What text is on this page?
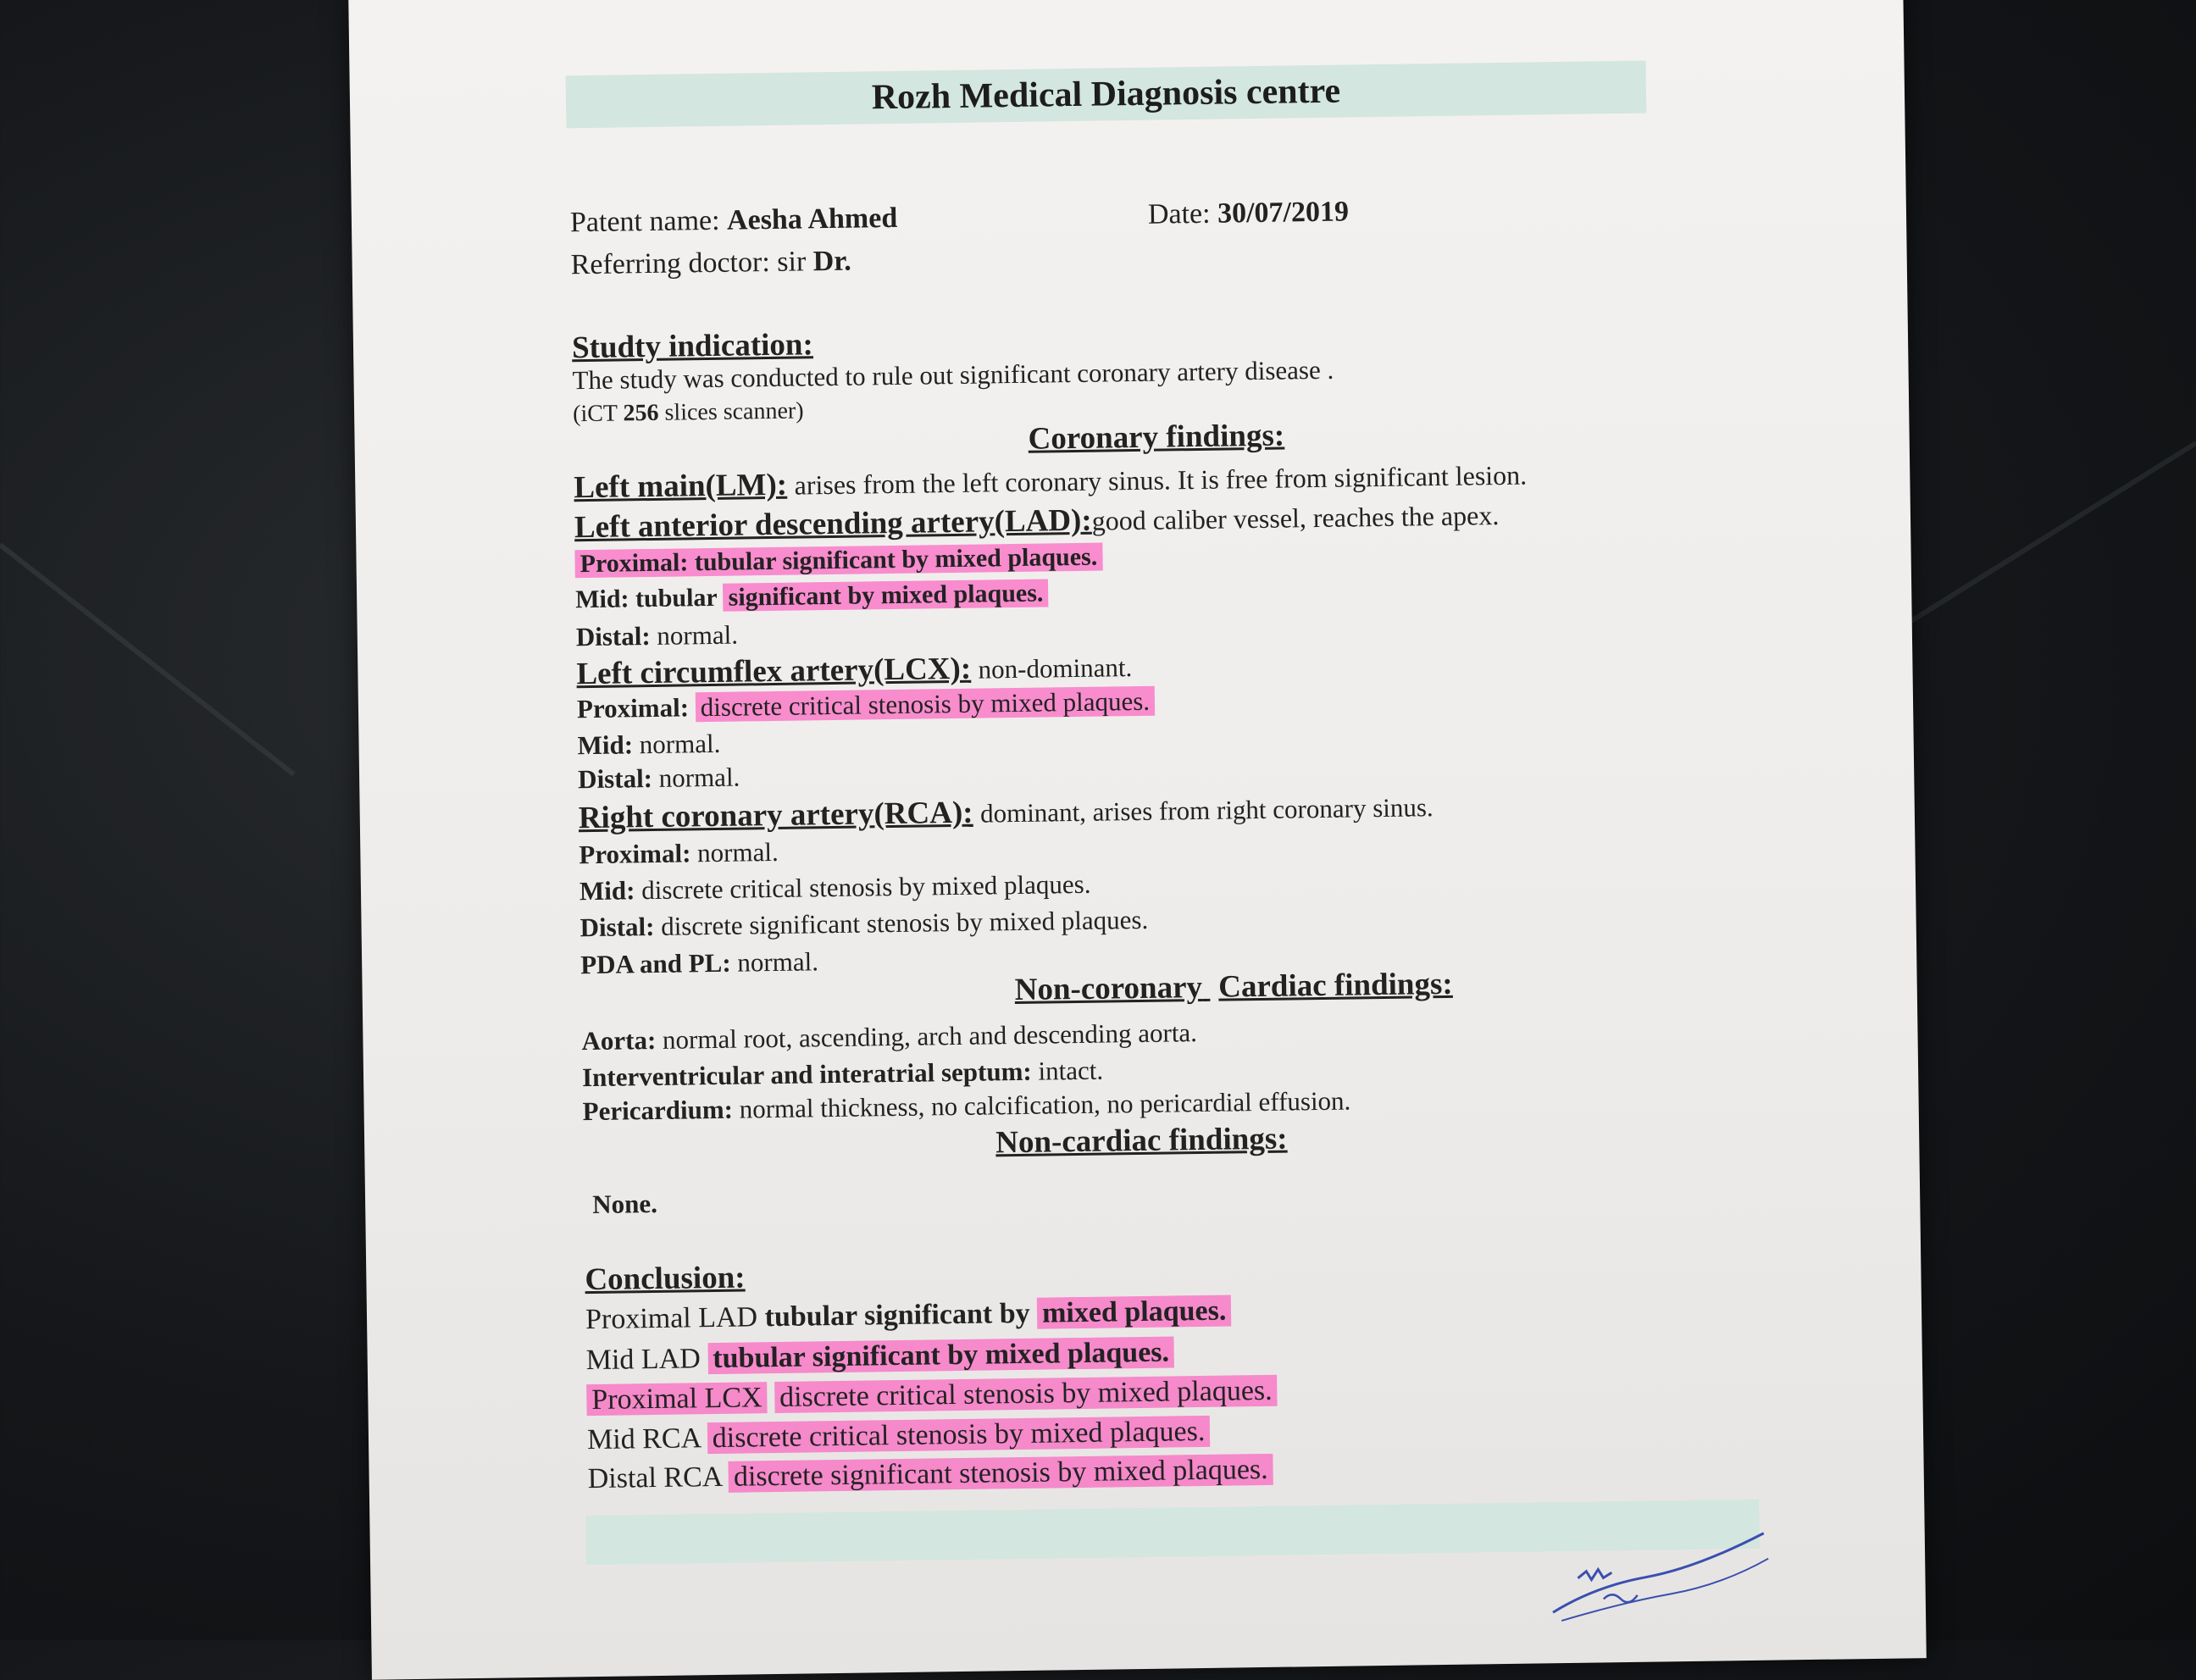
Rozh Medical Diagnosis centre
Patent name: Aesha Ahmed	Date: 30/07/2019
Referring doctor: sir Dr.
Studty indication:
The study was conducted to rule out significant coronary artery disease .
(iCT 256 slices scanner)
Coronary findings:
Left main(LM): arises from the left coronary sinus. It is free from significant lesion.
Left anterior descending artery(LAD):good caliber vessel, reaches the apex.
Proximal: tubular significant by mixed plaques.
Mid: tubular significant by mixed plaques.
Distal: normal.
Left circumflex artery(LCX): non-dominant.
Proximal: discrete critical stenosis by mixed plaques.
Mid: normal.
Distal: normal.
Right coronary artery(RCA): dominant, arises from right coronary sinus.
Proximal: normal.
Mid: discrete critical stenosis by mixed plaques.
Distal: discrete significant stenosis by mixed plaques.
PDA and PL: normal.
Non-coronary Cardiac findings:
Aorta: normal root, ascending, arch and descending aorta.
Interventricular and interatrial septum: intact.
Pericardium: normal thickness, no calcification, no pericardial effusion.
Non-cardiac findings:
None.
Conclusion:
Proximal LAD tubular significant by mixed plaques.
Mid LAD tubular significant by mixed plaques.
Proximal LCX discrete critical stenosis by mixed plaques.
Mid RCA discrete critical stenosis by mixed plaques.
Distal RCA discrete significant stenosis by mixed plaques.
